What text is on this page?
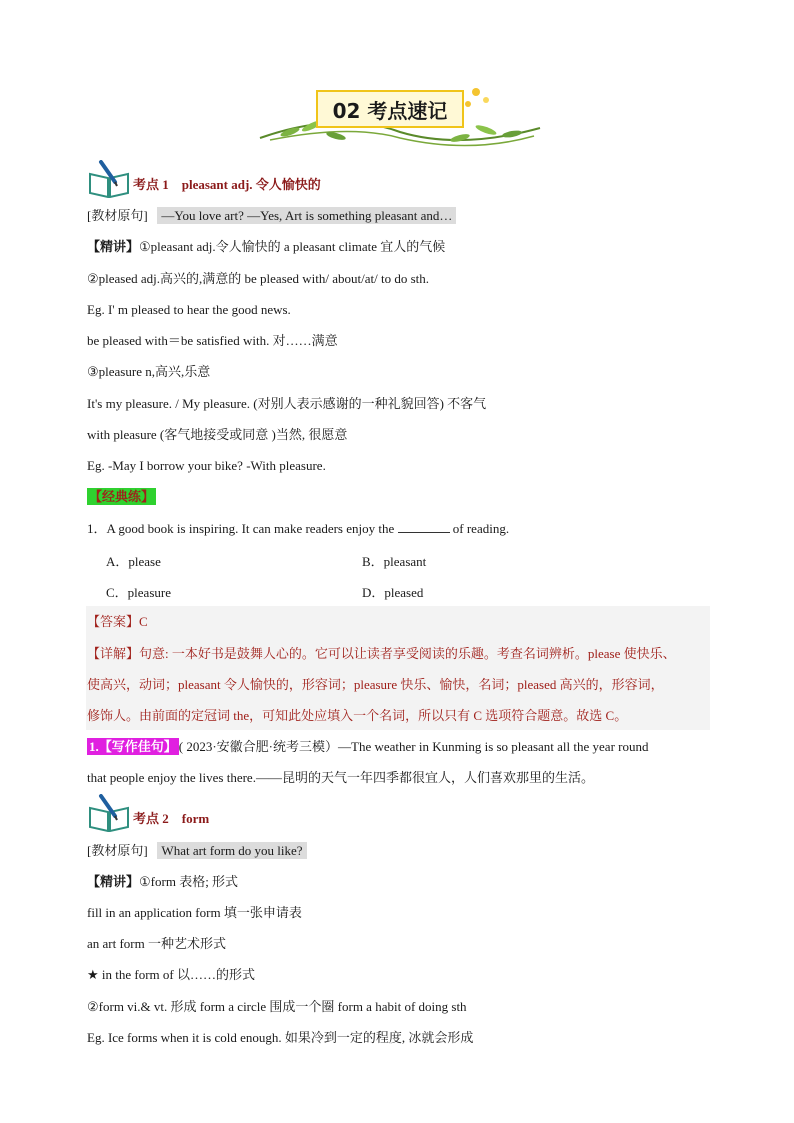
02 考点速记
考点 1　pleasant adj. 令人愉快的
[教材原句] —You love art? —Yes, Art is something pleasant and…
【精讲】①pleasant adj.令人愉快的 a pleasant climate 宜人的气候
②pleased adj.高兴的,满意的 be pleased with/ about/at/ to do sth.
Eg. I' m pleased to hear the good news.
be pleased with＝be satisfied with. 对……满意
③pleasure n,高兴,乐意
It's my pleasure. / My pleasure. (对别人表示感谢的一种礼貌回答) 不客气
with pleasure (客气地接受或同意 )当然, 很愿意
Eg. -May I borrow your bike? -With pleasure.
【经典练】
1．A good book is inspiring. It can make readers enjoy the	of reading.
A．please	B．pleasant
C．pleasure	D．pleased
【答案】C
【详解】句意: 一本好书是鼓舞人心的。它可以让读者享受阅读的乐趣。考查名词辨析。please 使快乐、
使高兴，动词；pleasant 令人愉快的，形容词；pleasure 快乐、愉快，名词；pleased 高兴的，形容词，
修饰人。由前面的定冠词 the，可知此处应填入一个名词，所以只有 C 选项符合题意。故选 C。
1.【写作佳句】 ( 2023·安徽合肥·统考三模）—The weather in Kunming is so pleasant all the year round
that people enjoy the lives there.——昆明的天气一年四季都很宜人，人们喜欢那里的生活。
考点 2　form
[教材原句] What art form do you like?
【精讲】①form 表格; 形式
fill in an application form 填一张申请表
an art form 一种艺术形式
★ in the form of 以……的形式
②form vi.& vt. 形成 form a circle 围成一个圈 form a habit of doing sth
Eg. Ice forms when it is cold enough. 如果冷到一定的程度, 冰就会形成
